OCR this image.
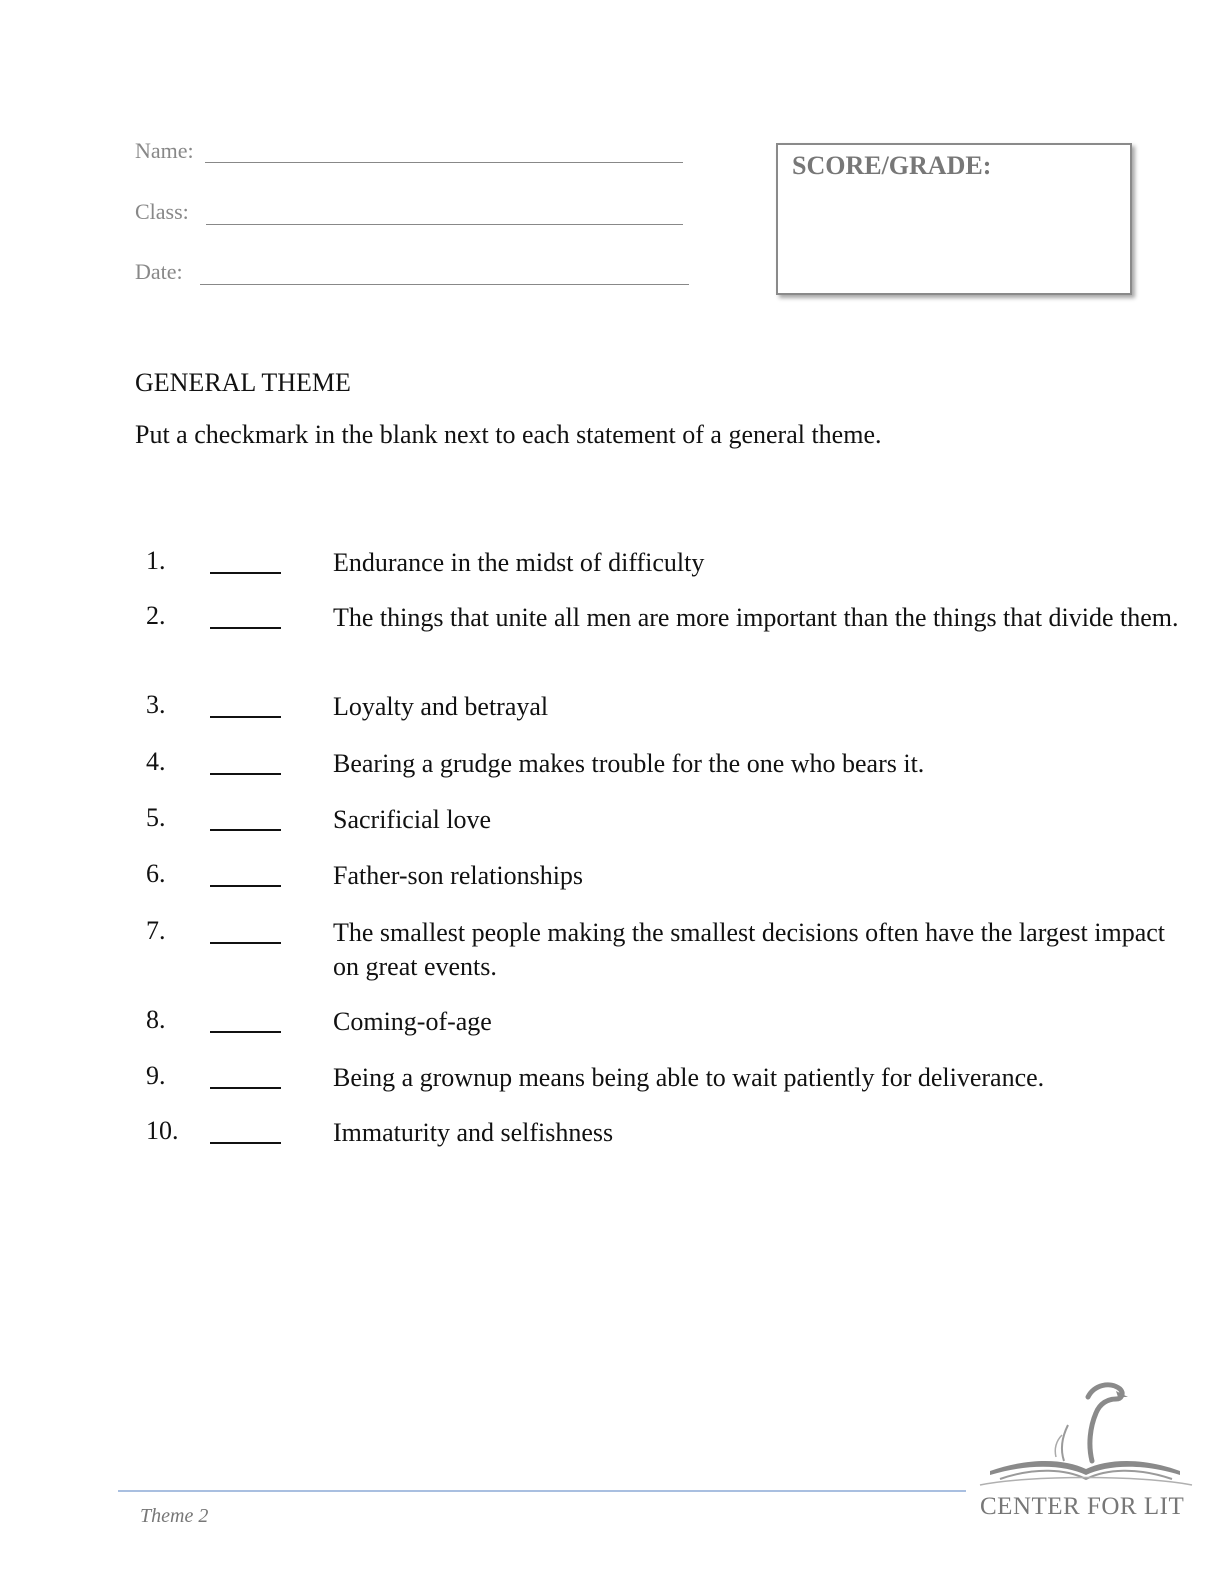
Name:
Class:
Date:
SCORE/GRADE:
GENERAL THEME
Put a checkmark in the blank next to each statement of a general theme.
1.	Endurance in the midst of difficulty
2.	The things that unite all men are more important than the things that divide them.
3.	Loyalty and betrayal
4.	Bearing a grudge makes trouble for the one who bears it.
5.	Sacrificial love
6.	Father-son relationships
7.	The smallest people making the smallest decisions often have the largest impact on great events.
8.	Coming-of-age
9.	Being a grownup means being able to wait patiently for deliverance.
10.	Immaturity and selfishness
Theme 2	CENTER FOR LIT
